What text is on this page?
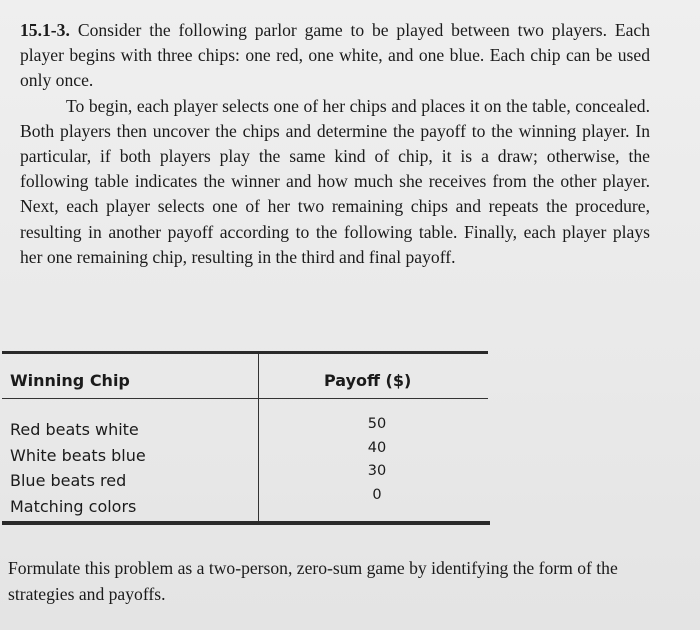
15.1-3. Consider the following parlor game to be played between two players. Each player begins with three chips: one red, one white, and one blue. Each chip can be used only once.

To begin, each player selects one of her chips and places it on the table, concealed. Both players then uncover the chips and determine the payoff to the winning player. In particular, if both players play the same kind of chip, it is a draw; otherwise, the following table indicates the winner and how much she receives from the other player. Next, each player selects one of her two remaining chips and repeats the procedure, resulting in another payoff according to the following table. Finally, each player plays her one remaining chip, resulting in the third and final payoff.

Winning Chip	Payoff ($)
Red beats white
White beats blue
Blue beats red
Matching colors
50
40
30
0

Formulate this problem as a two-person, zero-sum game by identifying the form of the strategies and payoffs.
